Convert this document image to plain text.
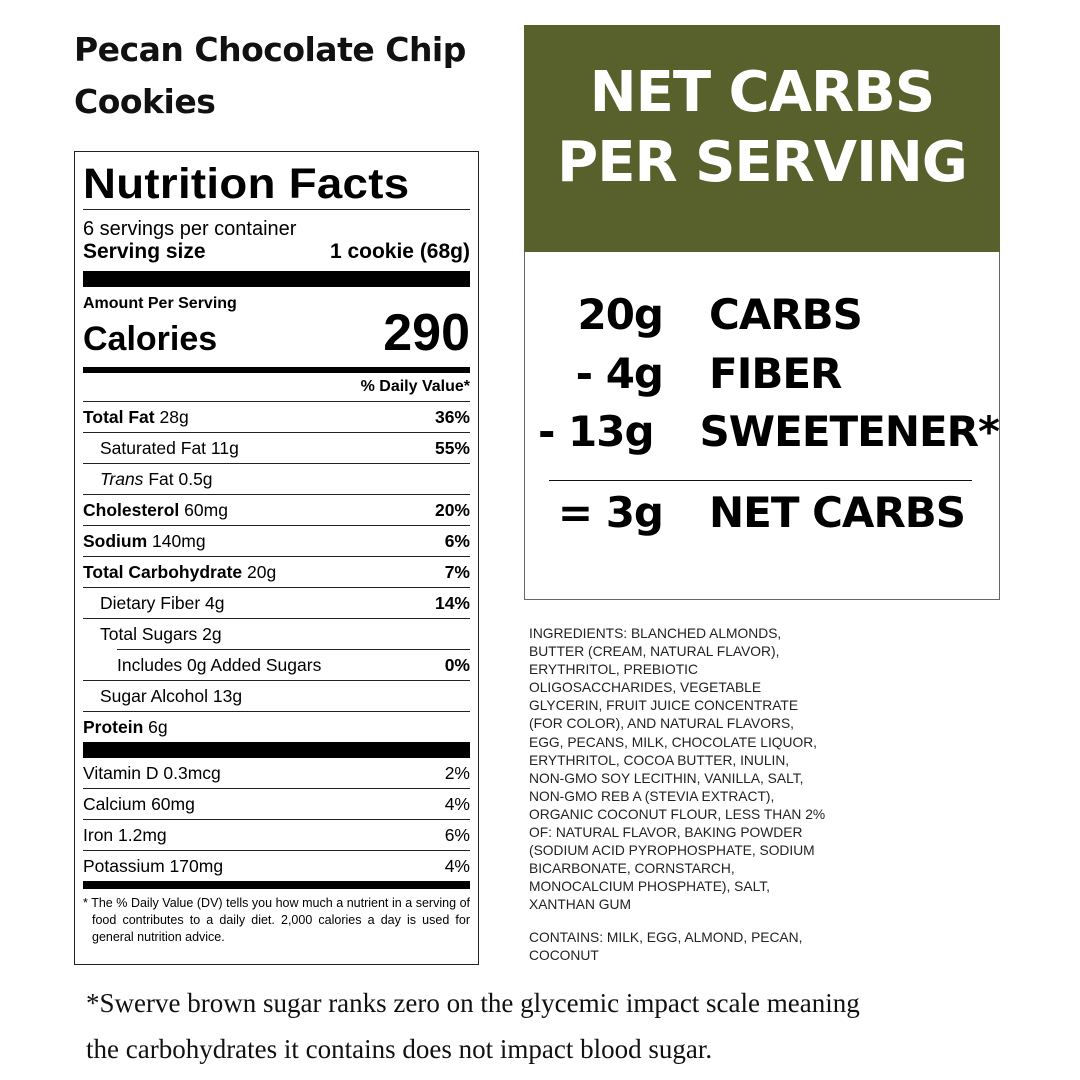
Pecan Chocolate Chip Cookies
Nutrition Facts
6 servings per container
Serving size	1 cookie (68g)
Amount Per Serving
Calories	290
% Daily Value*
Total Fat 28g	36%
Saturated Fat 11g	55%
Trans Fat 0.5g
Cholesterol 60mg	20%
Sodium 140mg	6%
Total Carbohydrate 20g	7%
Dietary Fiber 4g	14%
Total Sugars 2g
Includes 0g Added Sugars	0%
Sugar Alcohol 13g
Protein 6g
Vitamin D 0.3mcg	2%
Calcium 60mg	4%
Iron 1.2mg	6%
Potassium 170mg	4%
* The % Daily Value (DV) tells you how much a nutrient in a serving of food contributes to a daily diet. 2,000 calories a day is used for general nutrition advice.
NET CARBS
PER SERVING
20g CARBS
- 4g FIBER
- 13g SWEETENER*
= 3g NET CARBS
INGREDIENTS: BLANCHED ALMONDS,
BUTTER (CREAM, NATURAL FLAVOR),
ERYTHRITOL, PREBIOTIC
OLIGOSACCHARIDES, VEGETABLE
GLYCERIN, FRUIT JUICE CONCENTRATE
(FOR COLOR), AND NATURAL FLAVORS,
EGG, PECANS, MILK, CHOCOLATE LIQUOR,
ERYTHRITOL, COCOA BUTTER, INULIN,
NON-GMO SOY LECITHIN, VANILLA, SALT,
NON-GMO REB A (STEVIA EXTRACT),
ORGANIC COCONUT FLOUR, LESS THAN 2%
OF: NATURAL FLAVOR, BAKING POWDER
(SODIUM ACID PYROPHOSPHATE, SODIUM
BICARBONATE, CORNSTARCH,
MONOCALCIUM PHOSPHATE), SALT,
XANTHAN GUM
CONTAINS: MILK, EGG, ALMOND, PECAN,
COCONUT
*Swerve brown sugar ranks zero on the glycemic impact scale meaning
the carbohydrates it contains does not impact blood sugar.
